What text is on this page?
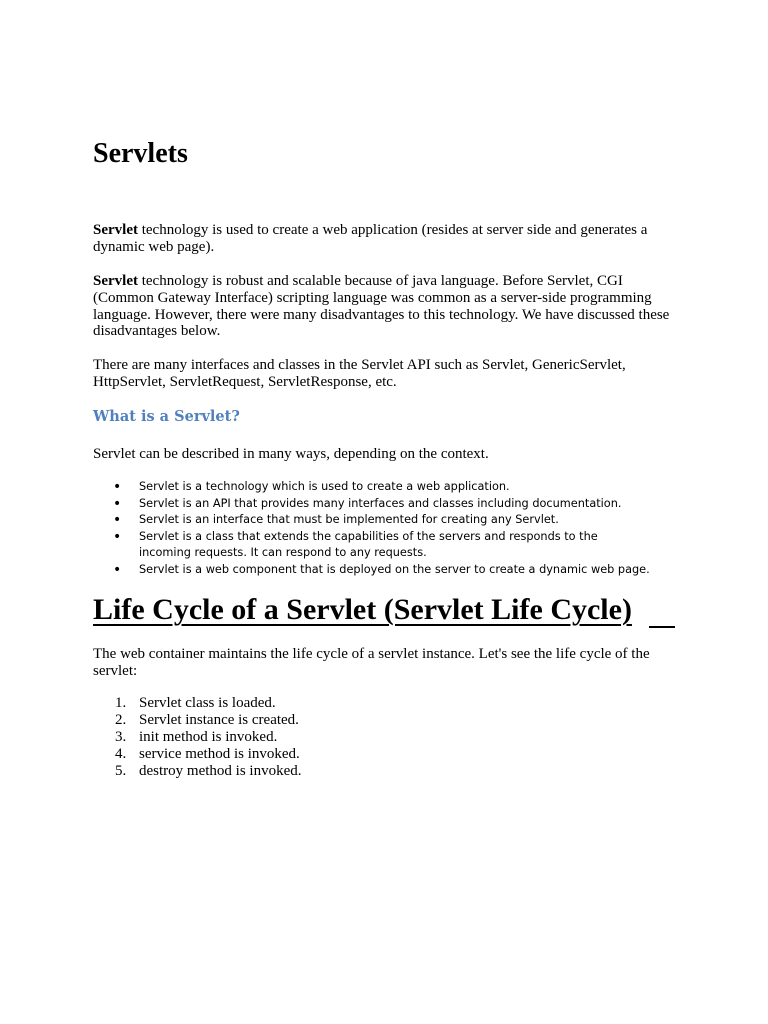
Servlets

Servlet technology is used to create a web application (resides at server side and generates a dynamic web page).

Servlet technology is robust and scalable because of java language. Before Servlet, CGI (Common Gateway Interface) scripting language was common as a server-side programming language. However, there were many disadvantages to this technology. We have discussed these disadvantages below.

There are many interfaces and classes in the Servlet API such as Servlet, GenericServlet, HttpServlet, ServletRequest, ServletResponse, etc.

What is a Servlet?

Servlet can be described in many ways, depending on the context.

• Servlet is a technology which is used to create a web application.
• Servlet is an API that provides many interfaces and classes including documentation.
• Servlet is an interface that must be implemented for creating any Servlet.
• Servlet is a class that extends the capabilities of the servers and responds to the incoming requests. It can respond to any requests.
• Servlet is a web component that is deployed on the server to create a dynamic web page.
Life Cycle of a Servlet (Servlet Life Cycle)

The web container maintains the life cycle of a servlet instance. Let's see the life cycle of the servlet:

1. Servlet class is loaded.
2. Servlet instance is created.
3. init method is invoked.
4. service method is invoked.
5. destroy method is invoked.
